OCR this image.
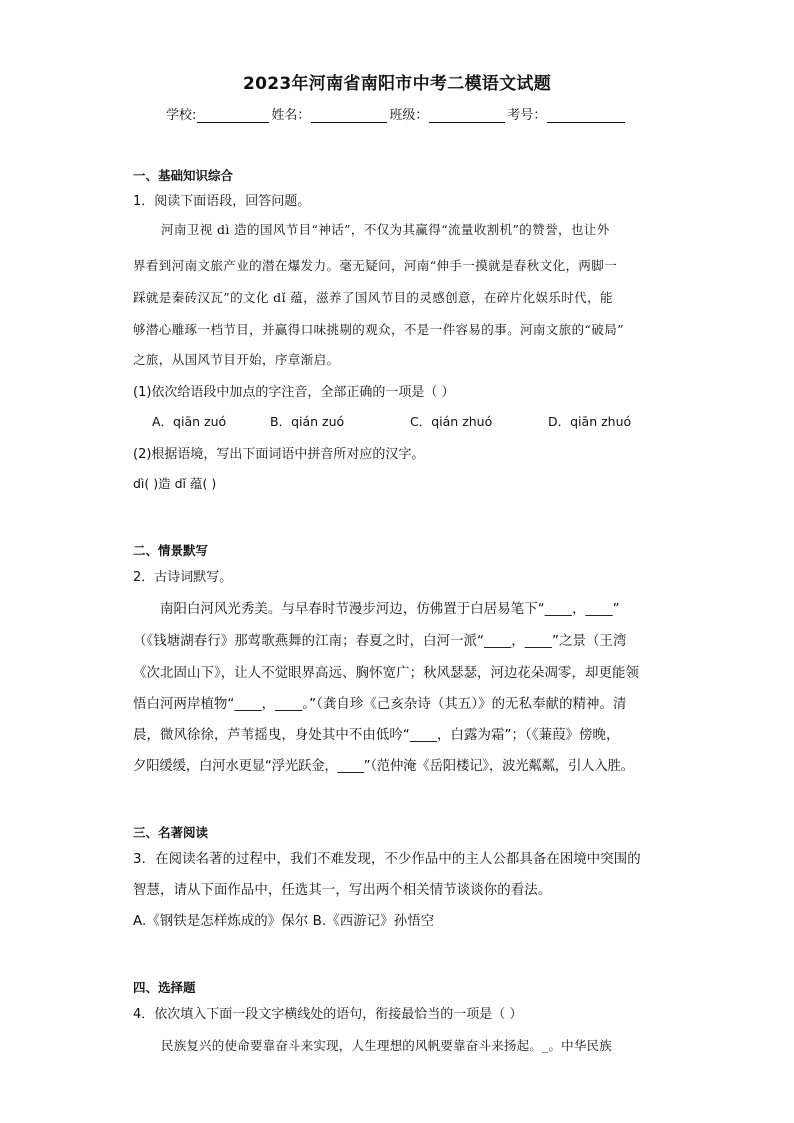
2023年河南省南阳市中考二模语文试题
学校:	姓名：	班级：	考号：
一、基础知识综合
1．阅读下面语段，回答问题。
河南卫视 dì 造的国风节目“神话”，不仅为其赢得“流量收割机”的赞誉，也让外
界看到河南文旅产业的潜在爆发力。毫无疑问，河南“伸手一摸就是春秋文化，两脚一
踩就是秦砖汉瓦”的文化 dǐ 蕴，滋养了国风节目的灵感创意，在碎片化娱乐时代，能
够潜心雕琢一档节目，并赢得口味挑剔的观众，不是一件容易的事。河南文旅的“破局”
之旅，从国风节目开始，序章渐启。
(1)依次给语段中加点的字注音，全部正确的一项是（ ）
A．qiān zuó	B．qián zuó	C．qián zhuó	D．qiān zhuó
(2)根据语境，写出下面词语中拼音所对应的汉字。
dì( )造 dǐ 蕴( )
二、情景默写
2．古诗词默写。
南阳白河风光秀美。与早春时节漫步河边，仿佛置于白居易笔下“____，____”
（《钱塘湖春行》那莺歌燕舞的江南；春夏之时，白河一派“____，____”之景（王湾
《次北固山下》，让人不觉眼界高远、胸怀宽广；秋风瑟瑟，河边花朵凋零，却更能领
悟白河两岸植物“____，____。”（龚自珍《己亥杂诗（其五）》的无私奉献的精神。清
晨，微风徐徐，芦苇摇曳，身处其中不由低吟“____，白露为霜”；（《蒹葭》傍晚，
夕阳缓缓，白河水更显“浮光跃金，____”（范仲淹《岳阳楼记》，波光粼粼，引人入胜。
三、名著阅读
3．在阅读名著的过程中，我们不难发现，不少作品中的主人公都具备在困境中突围的
智慧，请从下面作品中，任选其一，写出两个相关情节谈谈你的看法。
A.《钢铁是怎样炼成的》保尔 B.《西游记》孙悟空
四、选择题
4．依次填入下面一段文字横线处的语句，衔接最恰当的一项是（ ）
民族复兴的使命要靠奋斗来实现，人生理想的风帆要靠奋斗来扬起。_。中华民族
